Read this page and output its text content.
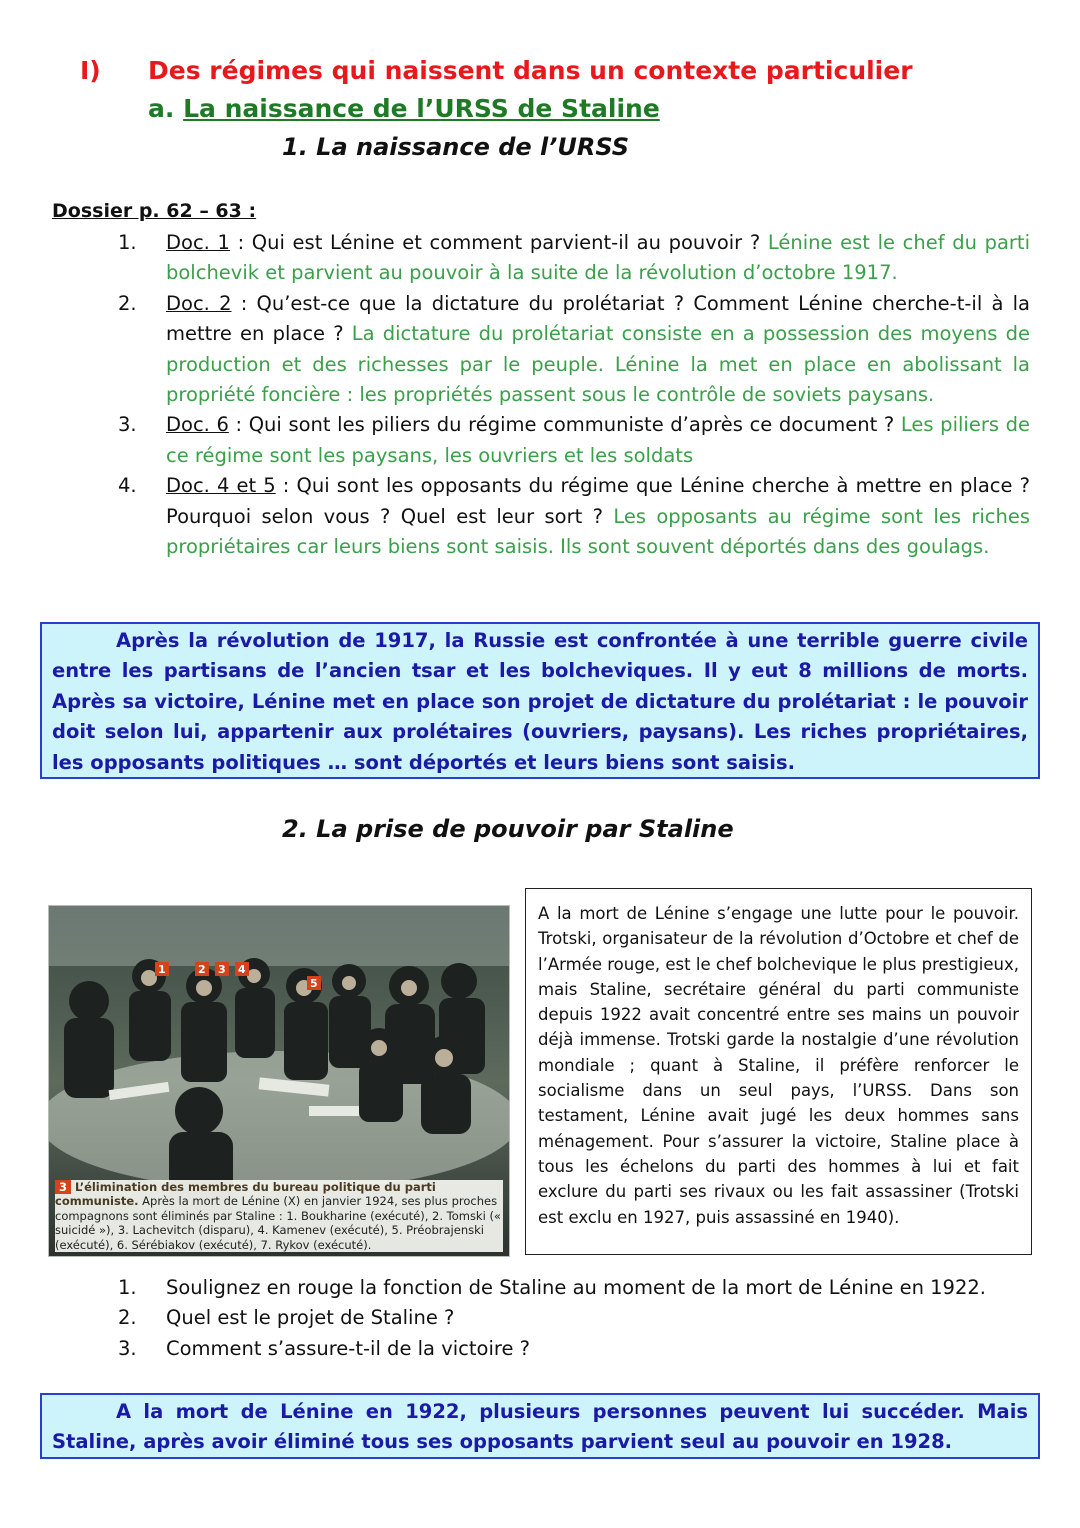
I) Des régimes qui naissent dans un contexte particulier
a. La naissance de l’URSS de Staline
1. La naissance de l’URSS
Dossier p. 62 – 63 :
1. Doc. 1 : Qui est Lénine et comment parvient-il au pouvoir ? Lénine est le chef du parti bolchevik et parvient au pouvoir à la suite de la révolution d’octobre 1917.
2. Doc. 2 : Qu’est-ce que la dictature du prolétariat ? Comment Lénine cherche-t-il à la mettre en place ? La dictature du prolétariat consiste en a possession des moyens de production et des richesses par le peuple. Lénine la met en place en abolissant la propriété foncière : les propriétés passent sous le contrôle de soviets paysans.
3. Doc. 6 : Qui sont les piliers du régime communiste d’après ce document ? Les piliers de ce régime sont les paysans, les ouvriers et les soldats
4. Doc. 4 et 5 : Qui sont les opposants du régime que Lénine cherche à mettre en place ? Pourquoi selon vous ? Quel est leur sort ? Les opposants au régime sont les riches propriétaires car leurs biens sont saisis. Ils sont souvent déportés dans des goulags.
Après la révolution de 1917, la Russie est confrontée à une terrible guerre civile entre les partisans de l’ancien tsar et les bolcheviques. Il y eut 8 millions de morts. Après sa victoire, Lénine met en place son projet de dictature du prolétariat : le pouvoir doit selon lui, appartenir aux prolétaires (ouvriers, paysans). Les riches propriétaires, les opposants politiques … sont déportés et leurs biens sont saisis.
2. La prise de pouvoir par Staline
1	2 3 4
5
3 L’élimination des membres du bureau politique du parti communiste. Après la mort de Lénine (X) en janvier 1924, ses plus proches compagnons sont éliminés par Staline : 1. Boukharine (exécuté), 2. Tomski (« suicidé »), 3. Lachevitch (disparu), 4. Kamenev (exécuté), 5. Préobrajenski (exécuté), 6. Sérébiakov (exécuté), 7. Rykov (exécuté).
A la mort de Lénine s’engage une lutte pour le pouvoir. Trotski, organisateur de la révolution d’Octobre et chef de l’Armée rouge, est le chef bolchevique le plus prestigieux, mais Staline, secrétaire général du parti communiste depuis 1922 avait concentré entre ses mains un pouvoir déjà immense. Trotski garde la nostalgie d’une révolution mondiale ; quant à Staline, il préfère renforcer le socialisme dans un seul pays, l’URSS. Dans son testament, Lénine avait jugé les deux hommes sans ménagement. Pour s’assurer la victoire, Staline place à tous les échelons du parti des hommes à lui et fait exclure du parti ses rivaux ou les fait assassiner (Trotski est exclu en 1927, puis assassiné en 1940).
1. Soulignez en rouge la fonction de Staline au moment de la mort de Lénine en 1922.
2. Quel est le projet de Staline ?
3. Comment s’assure-t-il de la victoire ?
A la mort de Lénine en 1922, plusieurs personnes peuvent lui succéder. Mais Staline, après avoir éliminé tous ses opposants parvient seul au pouvoir en 1928.
